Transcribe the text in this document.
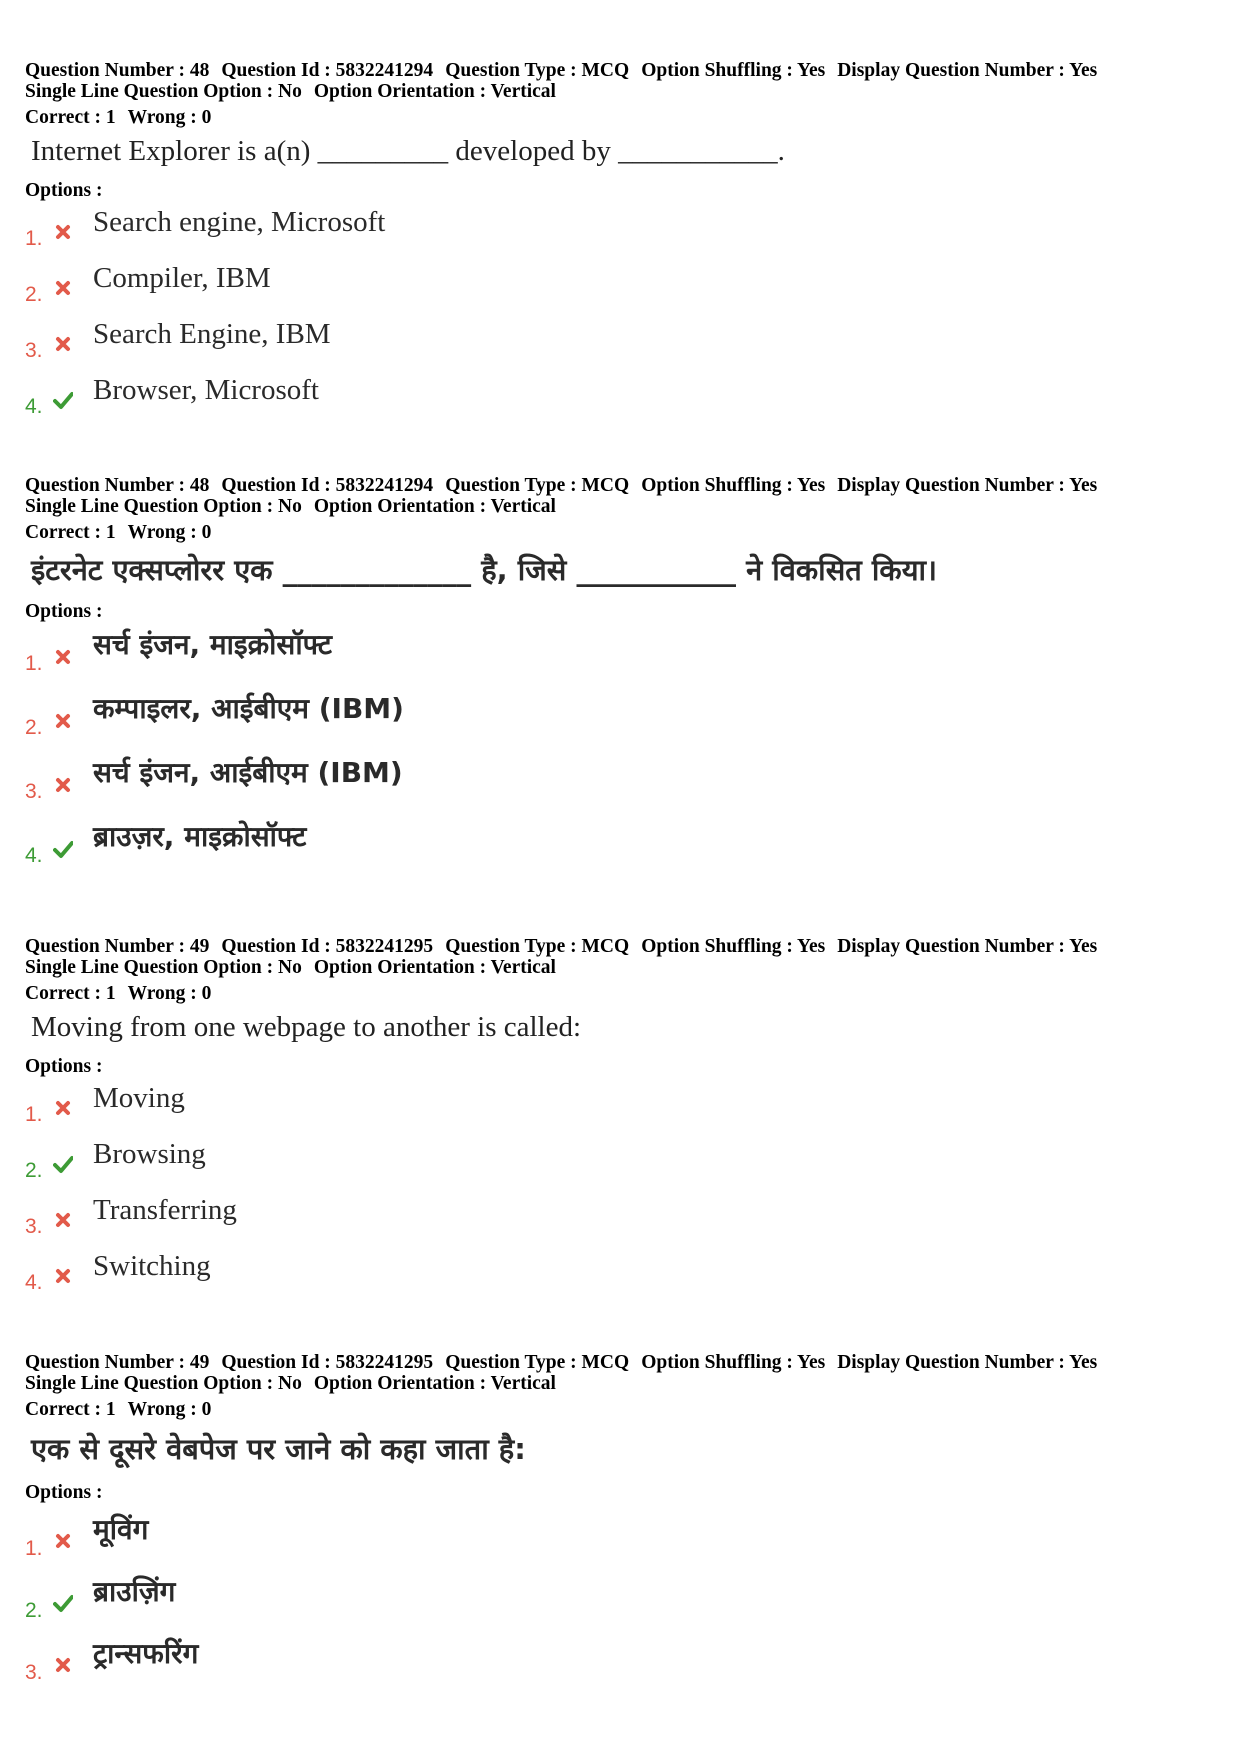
Question Number : 48 Question Id : 5832241294 Question Type : MCQ Option Shuffling : Yes Display Question Number : Yes
Single Line Question Option : No Option Orientation : Vertical
Correct : 1 Wrong : 0
Internet Explorer is a(n) _________ developed by ___________.
Options :
1.
Search engine, Microsoft
2.
Compiler, IBM
3.
Search Engine, IBM
4.
Browser, Microsoft
Question Number : 48 Question Id : 5832241294 Question Type : MCQ Option Shuffling : Yes Display Question Number : Yes
Single Line Question Option : No Option Orientation : Vertical
Correct : 1 Wrong : 0
इंटरनेट एक्सप्लोरर एक _____________ है, जिसे ___________ ने विकसित किया।
Options :
1.
सर्च इंजन, माइक्रोसॉफ्ट
2.
कम्पाइलर, आईबीएम (IBM)
3.
सर्च इंजन, आईबीएम (IBM)
4.
ब्राउज़र, माइक्रोसॉफ्ट
Question Number : 49 Question Id : 5832241295 Question Type : MCQ Option Shuffling : Yes Display Question Number : Yes
Single Line Question Option : No Option Orientation : Vertical
Correct : 1 Wrong : 0
Moving from one webpage to another is called:
Options :
1.
Moving
2.
Browsing
3.
Transferring
4.
Switching
Question Number : 49 Question Id : 5832241295 Question Type : MCQ Option Shuffling : Yes Display Question Number : Yes
Single Line Question Option : No Option Orientation : Vertical
Correct : 1 Wrong : 0
एक से दूसरे वेबपेज पर जाने को कहा जाता है:
Options :
1.
मूविंग
2.
ब्राउज़िंग
3.
ट्रान्सफरिंग
